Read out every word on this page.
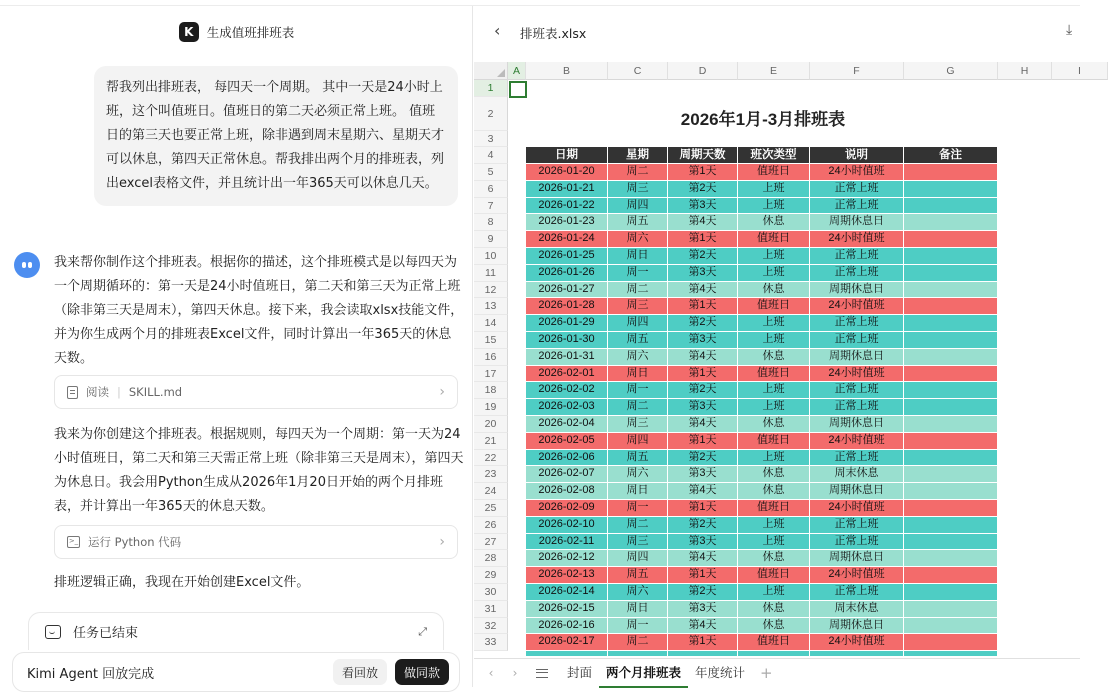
K	生成值班排班表
帮我列出排班表， 每四天一个周期。 其中一天是24小时上班，这个叫值班日。值班日的第二天必须正常上班。 值班日的第三天也要正常上班，除非遇到周末星期六、星期天才可以休息，第四天正常休息。帮我排出两个月的排班表，列出excel表格文件，并且统计出一年365天可以休息几天。
我来帮你制作这个排班表。根据你的描述，这个排班模式是以每四天为一个周期循环的：第一天是24小时值班日，第二天和第三天为正常上班（除非第三天是周末），第四天休息。接下来，我会读取xlsx技能文件，并为你生成两个月的排班表Excel文件，同时计算出一年365天的休息天数。
阅读 | SKILL.md	›
我来为你创建这个排班表。根据规则，每四天为一个周期：第一天为24小时值班日，第二天和第三天需正常上班（除非第三天是周末），第四天为休息日。我会用Python生成从2026年1月20日开始的两个月排班表，并计算出一年365天的休息天数。
>_ 运行 Python 代码	›
排班逻辑正确，我现在开始创建Excel文件。
任务已结束	⤢
Kimi Agent 回放完成	看回放	做同款
‹ 排班表.xlsx	⤓
A	B	C	D	E	F	G	H	I
1
2
3
4
5
6
7
8
9
10
11
12
13
14
15
16
17
18
19
20
21
22
23
24
25
26
27
28
29
30
31
32
33
2026年1月-3月排班表
日期	星期	周期天数	班次类型	说明	备注
2026-01-20	周二	第1天	值班日	24小时值班
2026-01-21	周三	第2天	上班	正常上班
2026-01-22	周四	第3天	上班	正常上班
2026-01-23	周五	第4天	休息	周期休息日
2026-01-24	周六	第1天	值班日	24小时值班
2026-01-25	周日	第2天	上班	正常上班
2026-01-26	周一	第3天	上班	正常上班
2026-01-27	周二	第4天	休息	周期休息日
2026-01-28	周三	第1天	值班日	24小时值班
2026-01-29	周四	第2天	上班	正常上班
2026-01-30	周五	第3天	上班	正常上班
2026-01-31	周六	第4天	休息	周期休息日
2026-02-01	周日	第1天	值班日	24小时值班
2026-02-02	周一	第2天	上班	正常上班
2026-02-03	周二	第3天	上班	正常上班
2026-02-04	周三	第4天	休息	周期休息日
2026-02-05	周四	第1天	值班日	24小时值班
2026-02-06	周五	第2天	上班	正常上班
2026-02-07	周六	第3天	休息	周末休息
2026-02-08	周日	第4天	休息	周期休息日
2026-02-09	周一	第1天	值班日	24小时值班
2026-02-10	周二	第2天	上班	正常上班
2026-02-11	周三	第3天	上班	正常上班
2026-02-12	周四	第4天	休息	周期休息日
2026-02-13	周五	第1天	值班日	24小时值班
2026-02-14	周六	第2天	上班	正常上班
2026-02-15	周日	第3天	休息	周末休息
2026-02-16	周一	第4天	休息	周期休息日
2026-02-17	周二	第1天	值班日	24小时值班
‹	›	封面	两个月排班表	年度统计	+
